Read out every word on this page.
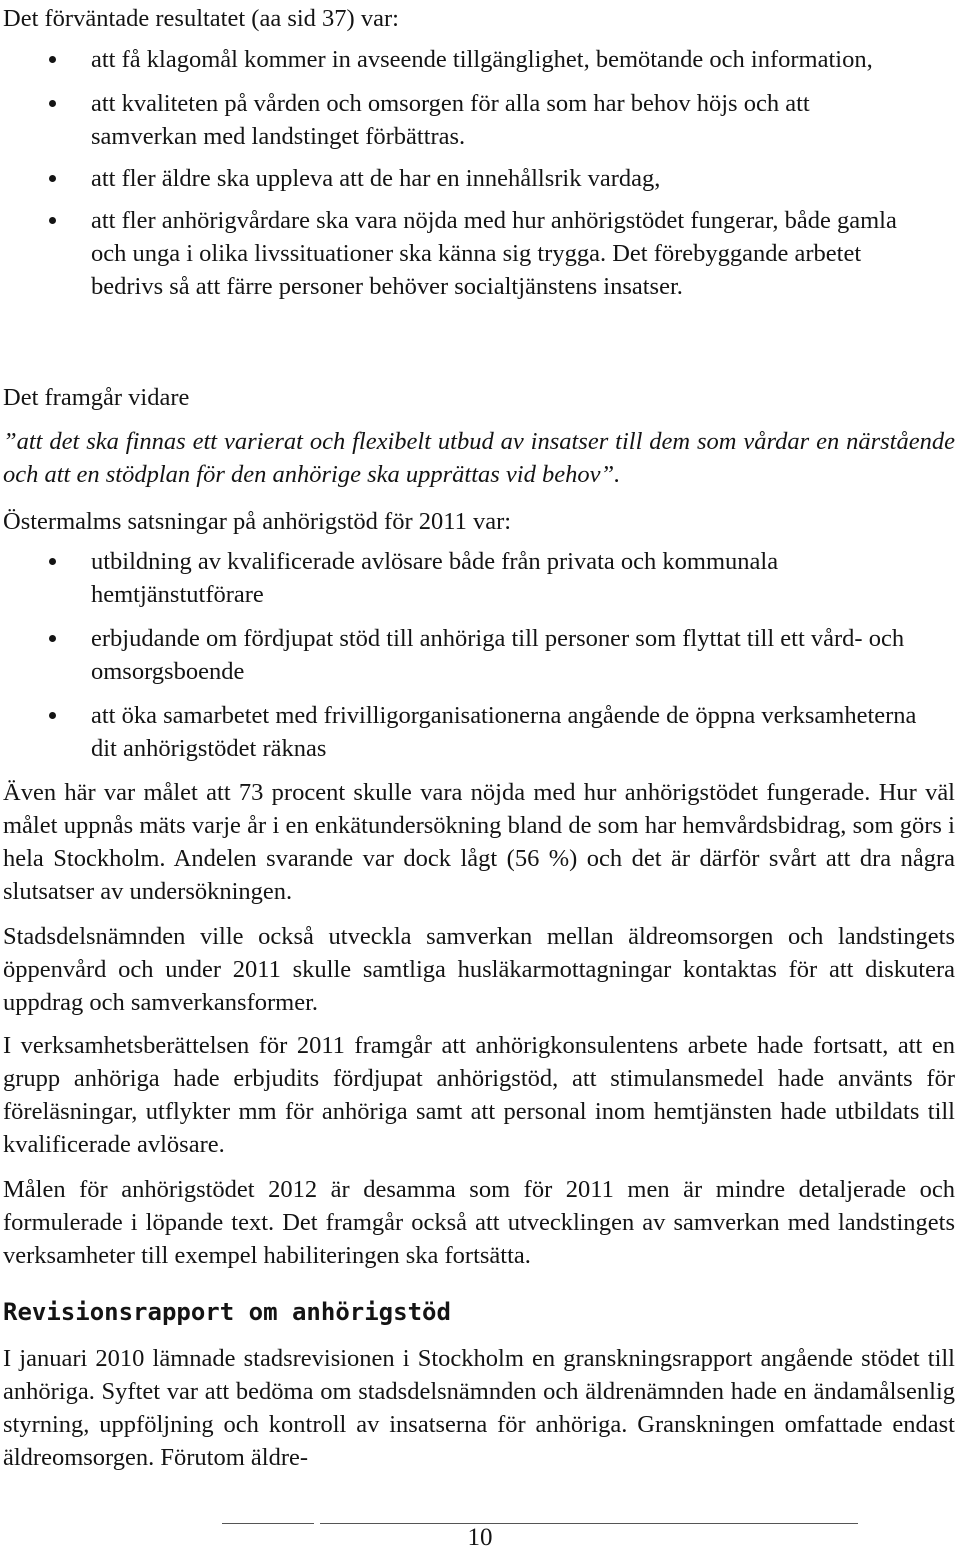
Det förväntade resultatet (aa sid 37) var:

att få klagomål kommer in avseende tillgänglighet, bemötande och information,
att kvaliteten på vården och omsorgen för alla som har behov höjs och att samverkan med landstinget förbättras.
att fler äldre ska uppleva att de har en innehållsrik vardag,
att fler anhörigvårdare ska vara nöjda med hur anhörigstödet fungerar, både gamla och unga i olika livssituationer ska känna sig trygga. Det förebyggande arbetet bedrivs så att färre personer behöver socialtjänstens insatser.

Det framgår vidare

”att det ska finnas ett varierat och flexibelt utbud av insatser till dem som vårdar en närstående och att en stödplan för den anhörige ska upprättas vid behov”.

Östermalms satsningar på anhörigstöd för 2011 var:

utbildning av kvalificerade avlösare både från privata och kommunala hemtjänstutförare
erbjudande om fördjupat stöd till anhöriga till personer som flyttat till ett vård- och omsorgsboende
att öka samarbetet med frivilligorganisationerna angående de öppna verksamheterna dit anhörigstödet räknas

Även här var målet att 73 procent skulle vara nöjda med hur anhörigstödet fungerade. Hur väl målet uppnås mäts varje år i en enkätundersökning bland de som har hemvårdsbidrag, som görs i hela Stockholm. Andelen svarande var dock lågt (56 %) och det är därför svårt att dra några slutsatser av undersökningen.

Stadsdelsnämnden ville också utveckla samverkan mellan äldreomsorgen och landstingets öppenvård och under 2011 skulle samtliga husläkarmottagningar kontaktas för att diskutera uppdrag och samverkansformer.

I verksamhetsberättelsen för 2011 framgår att anhörigkonsulentens arbete hade fortsatt, att en grupp anhöriga hade erbjudits fördjupat anhörigstöd, att stimulansmedel hade använts för föreläsningar, utflykter mm för anhöriga samt att personal inom hemtjänsten hade utbildats till kvalificerade avlösare.

Målen för anhörigstödet 2012 är desamma som för 2011 men är mindre detaljerade och formulerade i löpande text. Det framgår också att utvecklingen av samverkan med landstingets verksamheter till exempel habiliteringen ska fortsätta.

Revisionsrapport om anhörigstöd

I januari 2010 lämnade stadsrevisionen i Stockholm en granskningsrapport angående stödet till anhöriga. Syftet var att bedöma om stadsdelsnämnden och äldrenämnden hade en ändamålsenlig styrning, uppföljning och kontroll av insatserna för anhöriga. Granskningen omfattade endast äldreomsorgen. Förutom äldre-

10
